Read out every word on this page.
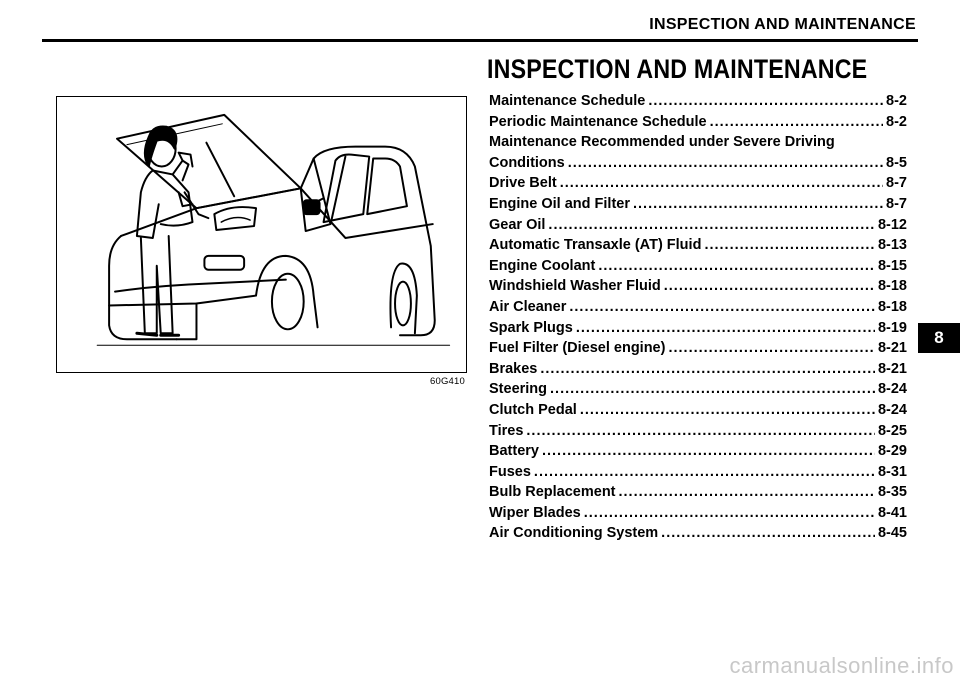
INSPECTION AND MAINTENANCE
60G410
INSPECTION AND MAINTENANCE
Maintenance Schedule .....	8-2
Periodic Maintenance Schedule .....	8-2
Maintenance Recommended under Severe Driving
Conditions .....	8-5
Drive Belt .....	8-7
Engine Oil and Filter .....	8-7
Gear Oil .....	8-12
Automatic Transaxle (AT) Fluid .....	8-13
Engine Coolant .....	8-15
Windshield Washer Fluid .....	8-18
Air Cleaner .....	8-18
Spark Plugs .....	8-19
Fuel Filter (Diesel engine) .....	8-21
Brakes .....	8-21
Steering .....	8-24
Clutch Pedal .....	8-24
Tires .....	8-25
Battery .....	8-29
Fuses .....	8-31
Bulb Replacement .....	8-35
Wiper Blades .....	8-41
Air Conditioning System .....	8-45
8
carmanualsonline.info
